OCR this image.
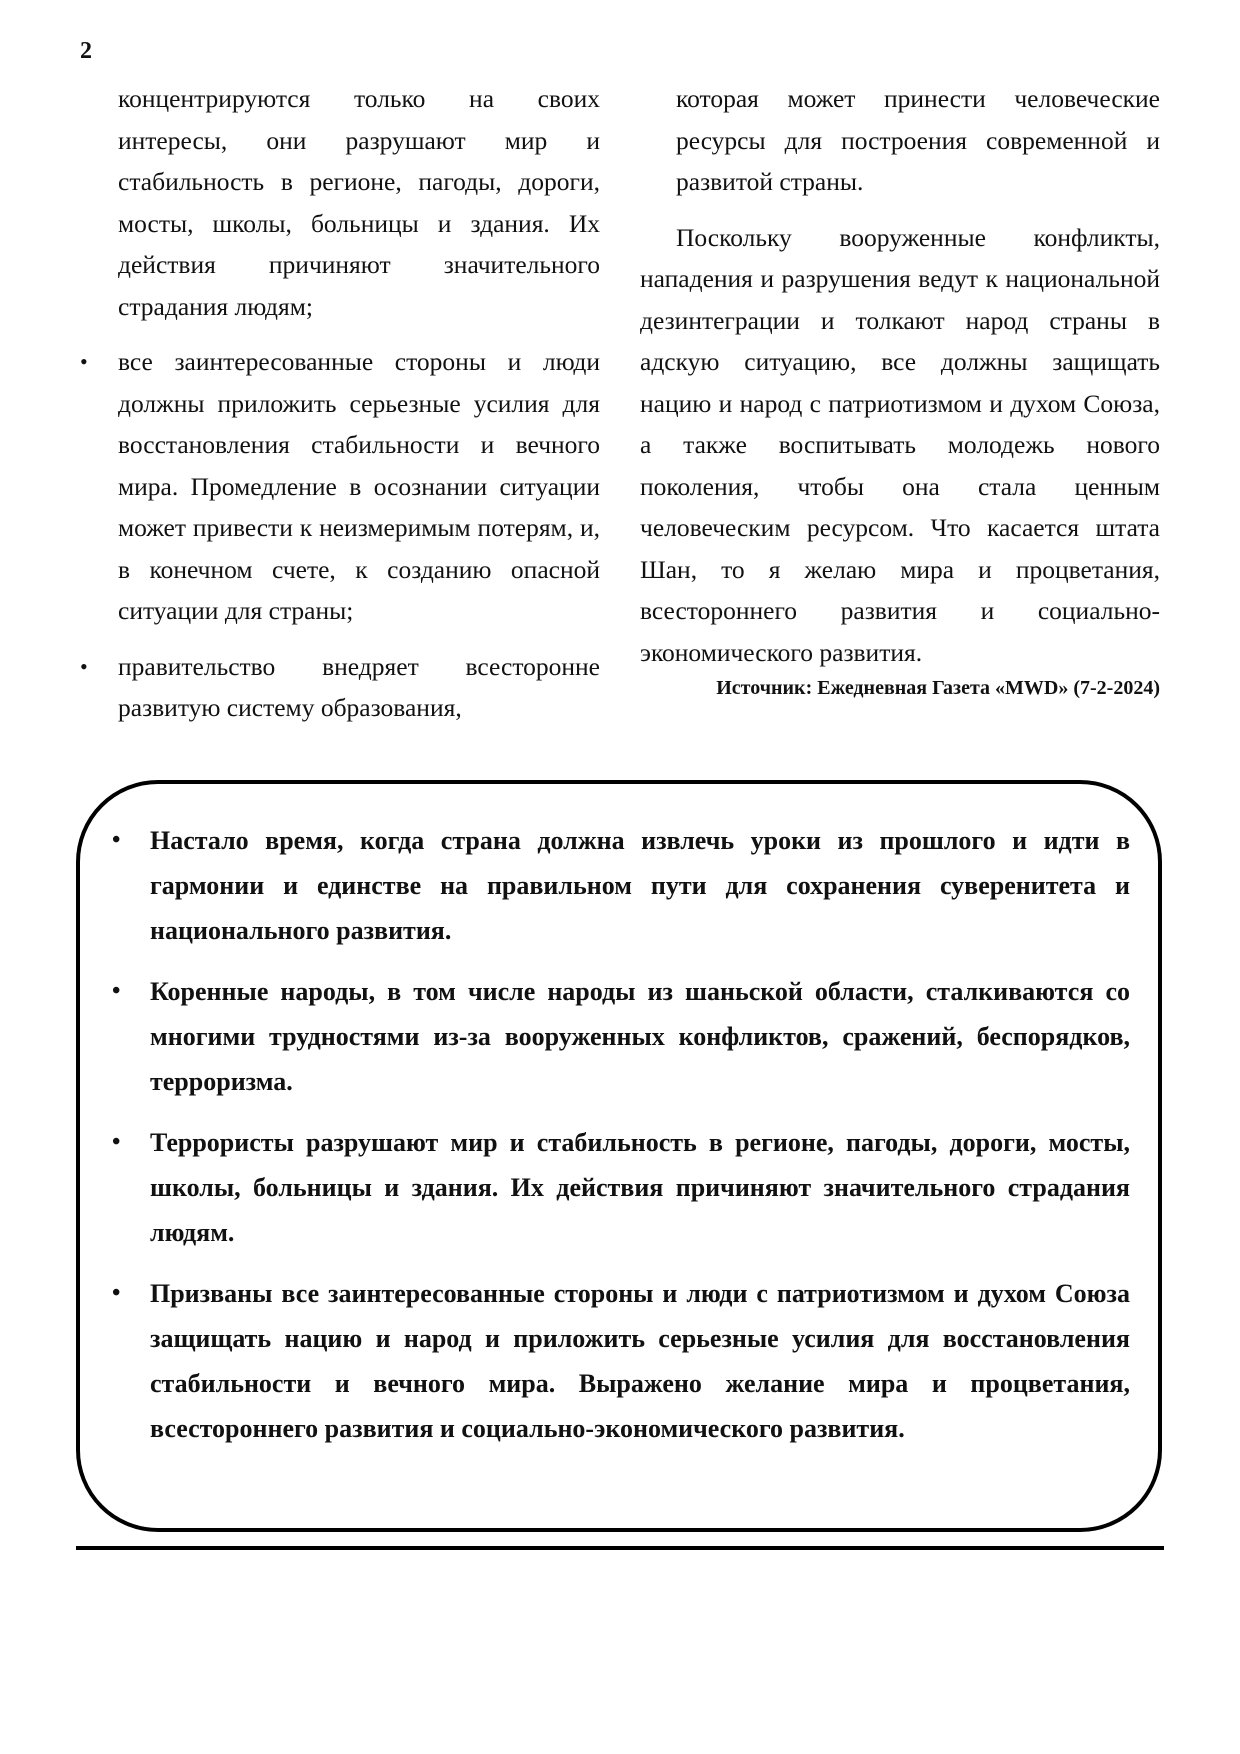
2

концентрируются только на своих интересы, они разрушают мир и стабильность в регионе, пагоды, дороги, мосты, школы, больницы и здания. Их действия причиняют значительного страдания людям;

• все заинтересованные стороны и люди должны приложить серьезные усилия для восстановления стабильности и вечного мира. Промедление в осознании ситуации может привести к неизмеримым потерям, и, в конечном счете, к созданию опасной ситуации для страны;
• правительство внедряет всесторонне развитую систему образования,

которая может принести человеческие ресурсы для построения современной и развитой страны.

Поскольку вооруженные конфликты, нападения и разрушения ведут к национальной дезинтеграции и толкают народ страны в адскую ситуацию, все должны защищать нацию и народ с патриотизмом и духом Союза, а также воспитывать молодежь нового поколения, чтобы она стала ценным человеческим ресурсом. Что касается штата Шан, то я желаю мира и процветания, всестороннего развития и социально-экономического развития.

Источник: Ежедневная Газета «MWD» (7-2-2024)

• Настало время, когда страна должна извлечь уроки из прошлого и идти в гармонии и единстве на правильном пути для сохранения суверенитета и национального развития.
• Коренные народы, в том числе народы из шаньской области, сталкиваются со многими трудностями из-за вооруженных конфликтов, сражений, беспорядков, терроризма.
• Террористы разрушают мир и стабильность в регионе, пагоды, дороги, мосты, школы, больницы и здания. Их действия причиняют значительного страдания людям.
• Призваны все заинтересованные стороны и люди с патриотизмом и духом Союза защищать нацию и народ и приложить серьезные усилия для восстановления стабильности и вечного мира. Выражено желание мира и процветания, всестороннего развития и социально-экономического развития.
